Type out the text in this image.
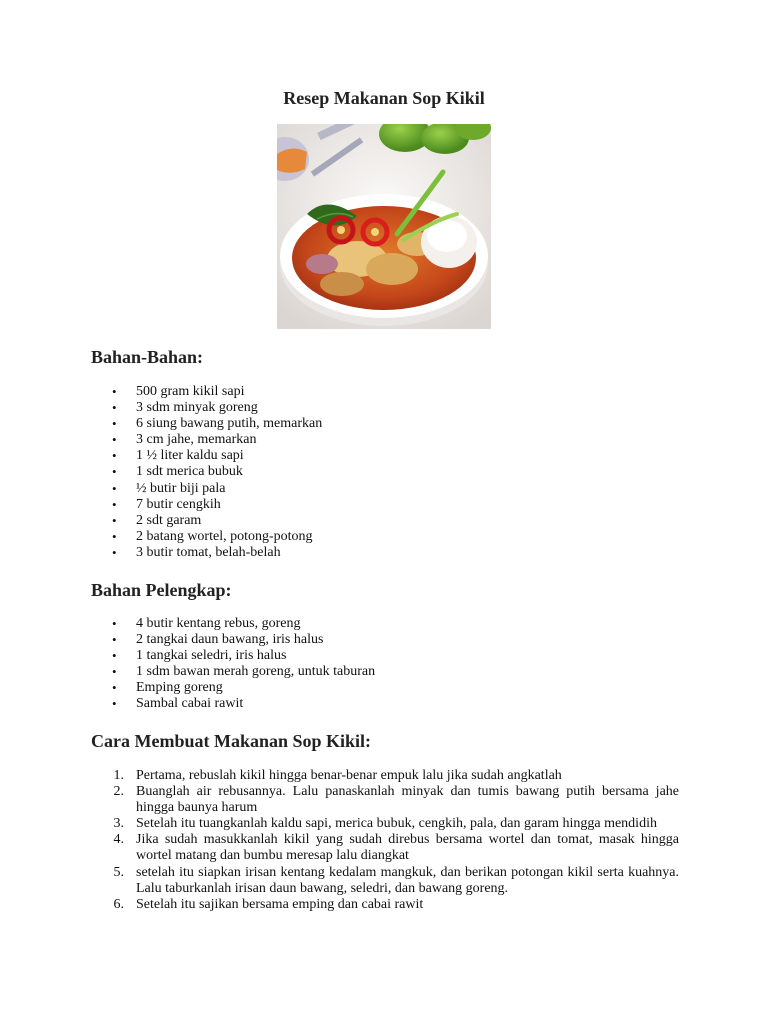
Resep Makanan Sop Kikil
Bahan-Bahan:
• 500 gram kikil sapi
• 3 sdm minyak goreng
• 6 siung bawang putih, memarkan
• 3 cm jahe, memarkan
• 1 ½ liter kaldu sapi
• 1 sdt merica bubuk
• ½ butir biji pala
• 7 butir cengkih
• 2 sdt garam
• 2 batang wortel, potong-potong
• 3 butir tomat, belah-belah
Bahan Pelengkap:
• 4 butir kentang rebus, goreng
• 2 tangkai daun bawang, iris halus
• 1 tangkai seledri, iris halus
• 1 sdm bawan merah goreng, untuk taburan
• Emping goreng
• Sambal cabai rawit
Cara Membuat Makanan Sop Kikil:
1. Pertama, rebuslah kikil hingga benar-benar empuk lalu jika sudah angkatlah
2. Buanglah air rebusannya. Lalu panaskanlah minyak dan tumis bawang putih bersama jahe hingga baunya harum
3. Setelah itu tuangkanlah kaldu sapi, merica bubuk, cengkih, pala, dan garam hingga mendidih
4. Jika sudah masukkanlah kikil yang sudah direbus bersama wortel dan tomat, masak hingga wortel matang dan bumbu meresap lalu diangkat
5. setelah itu siapkan irisan kentang kedalam mangkuk, dan berikan potongan kikil serta kuahnya. Lalu taburkanlah irisan daun bawang, seledri, dan bawang goreng.
6. Setelah itu sajikan bersama emping dan cabai rawit
